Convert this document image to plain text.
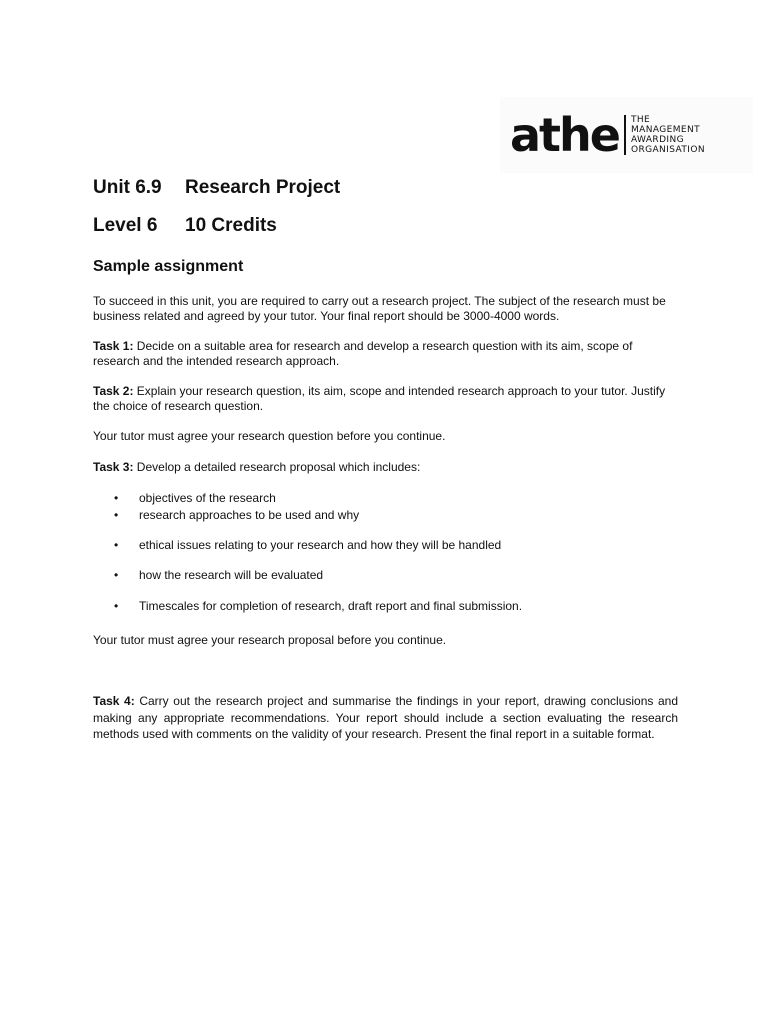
athe THE
MANAGEMENT
AWARDING
ORGANISATION
Unit 6.9 Research Project
Level 6 10 Credits
Sample assignment
To succeed in this unit, you are required to carry out a research project. The subject of the research must be business related and agreed by your tutor. Your final report should be 3000-4000 words.
Task 1: Decide on a suitable area for research and develop a research question with its aim, scope of research and the intended research approach.
Task 2: Explain your research question, its aim, scope and intended research approach to your tutor. Justify the choice of research question.
Your tutor must agree your research question before you continue.
Task 3: Develop a detailed research proposal which includes:
• objectives of the research
• research approaches to be used and why
• ethical issues relating to your research and how they will be handled
• how the research will be evaluated
• Timescales for completion of research, draft report and final submission.
Your tutor must agree your research proposal before you continue.
Task 4: Carry out the research project and summarise the findings in your report, drawing conclusions and making any appropriate recommendations. Your report should include a section evaluating the research methods used with comments on the validity of your research. Present the final report in a suitable format.
